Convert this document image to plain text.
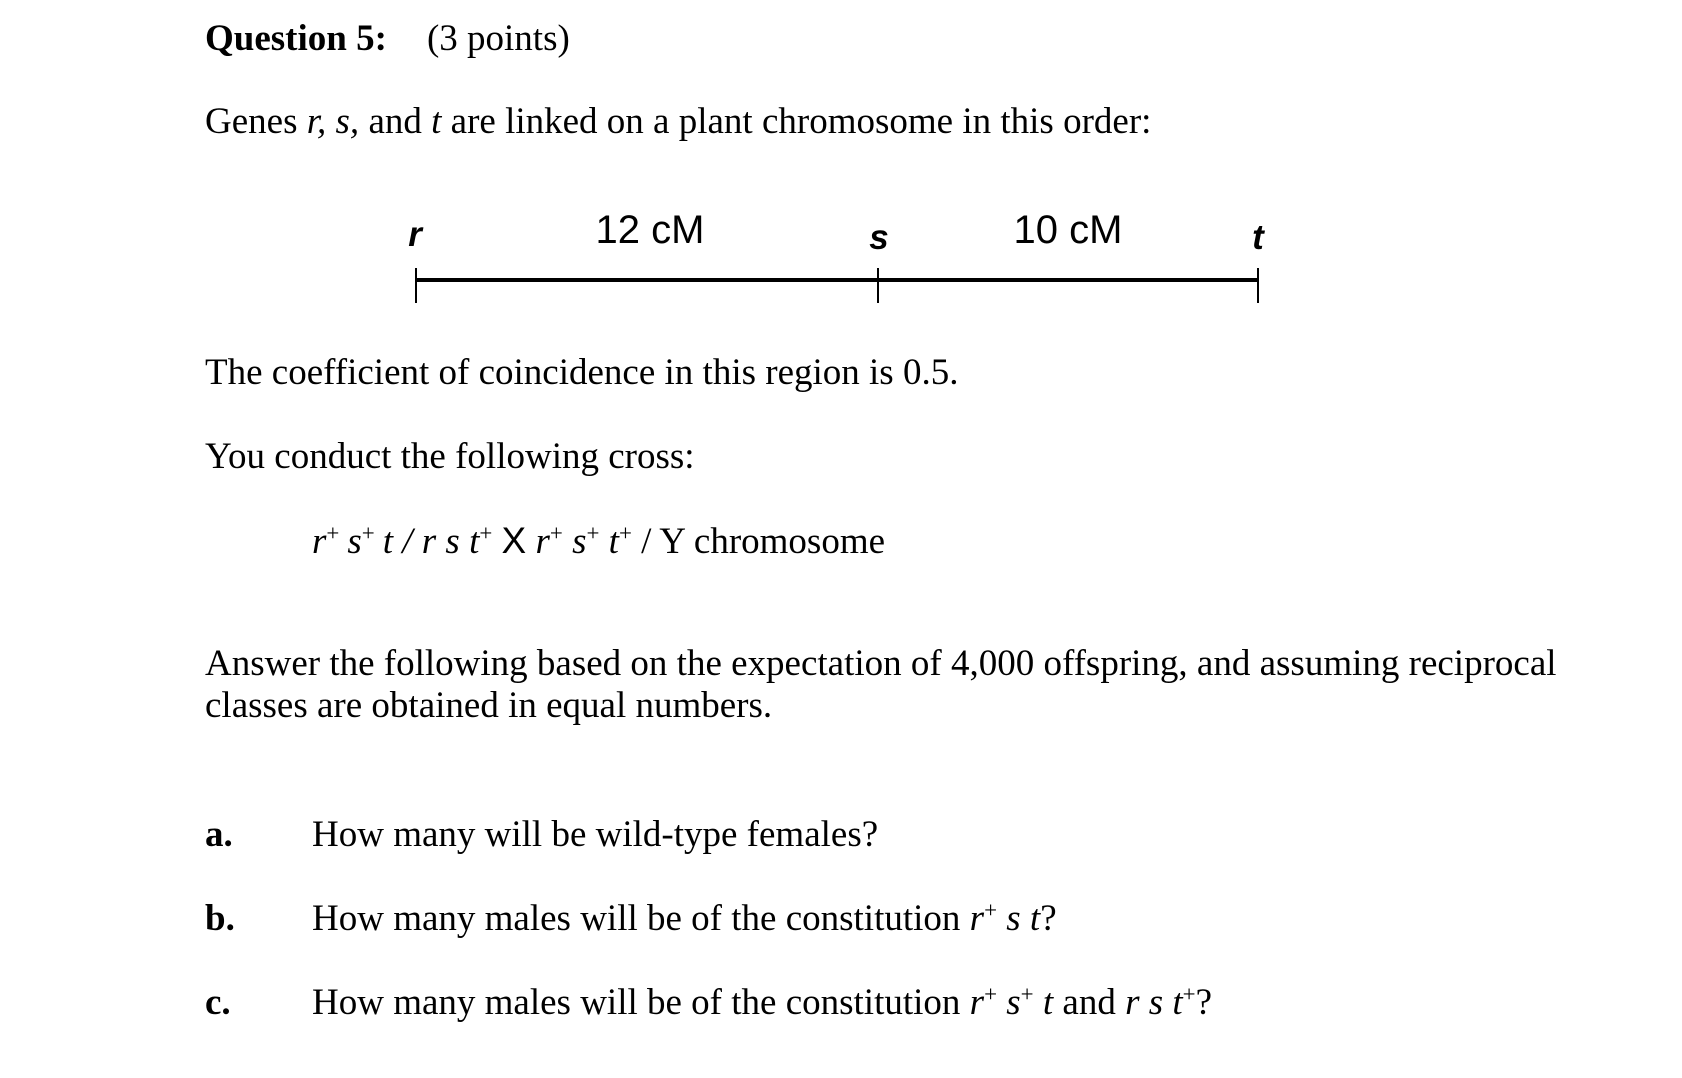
Question 5: (3 points)
Genes r, s, and t are linked on a plant chromosome in this order:
r	s	t
12 cM	10 cM
The coefficient of coincidence in this region is 0.5.
You conduct the following cross:
r+ s+ t / r s t+ X r+ s+ t+ / Y chromosome
Answer the following based on the expectation of 4,000 offspring, and assuming reciprocal
classes are obtained in equal numbers.
a. How many will be wild-type females?
b. How many males will be of the constitution r+ s t?
c. How many males will be of the constitution r+ s+ t and r s t+?
